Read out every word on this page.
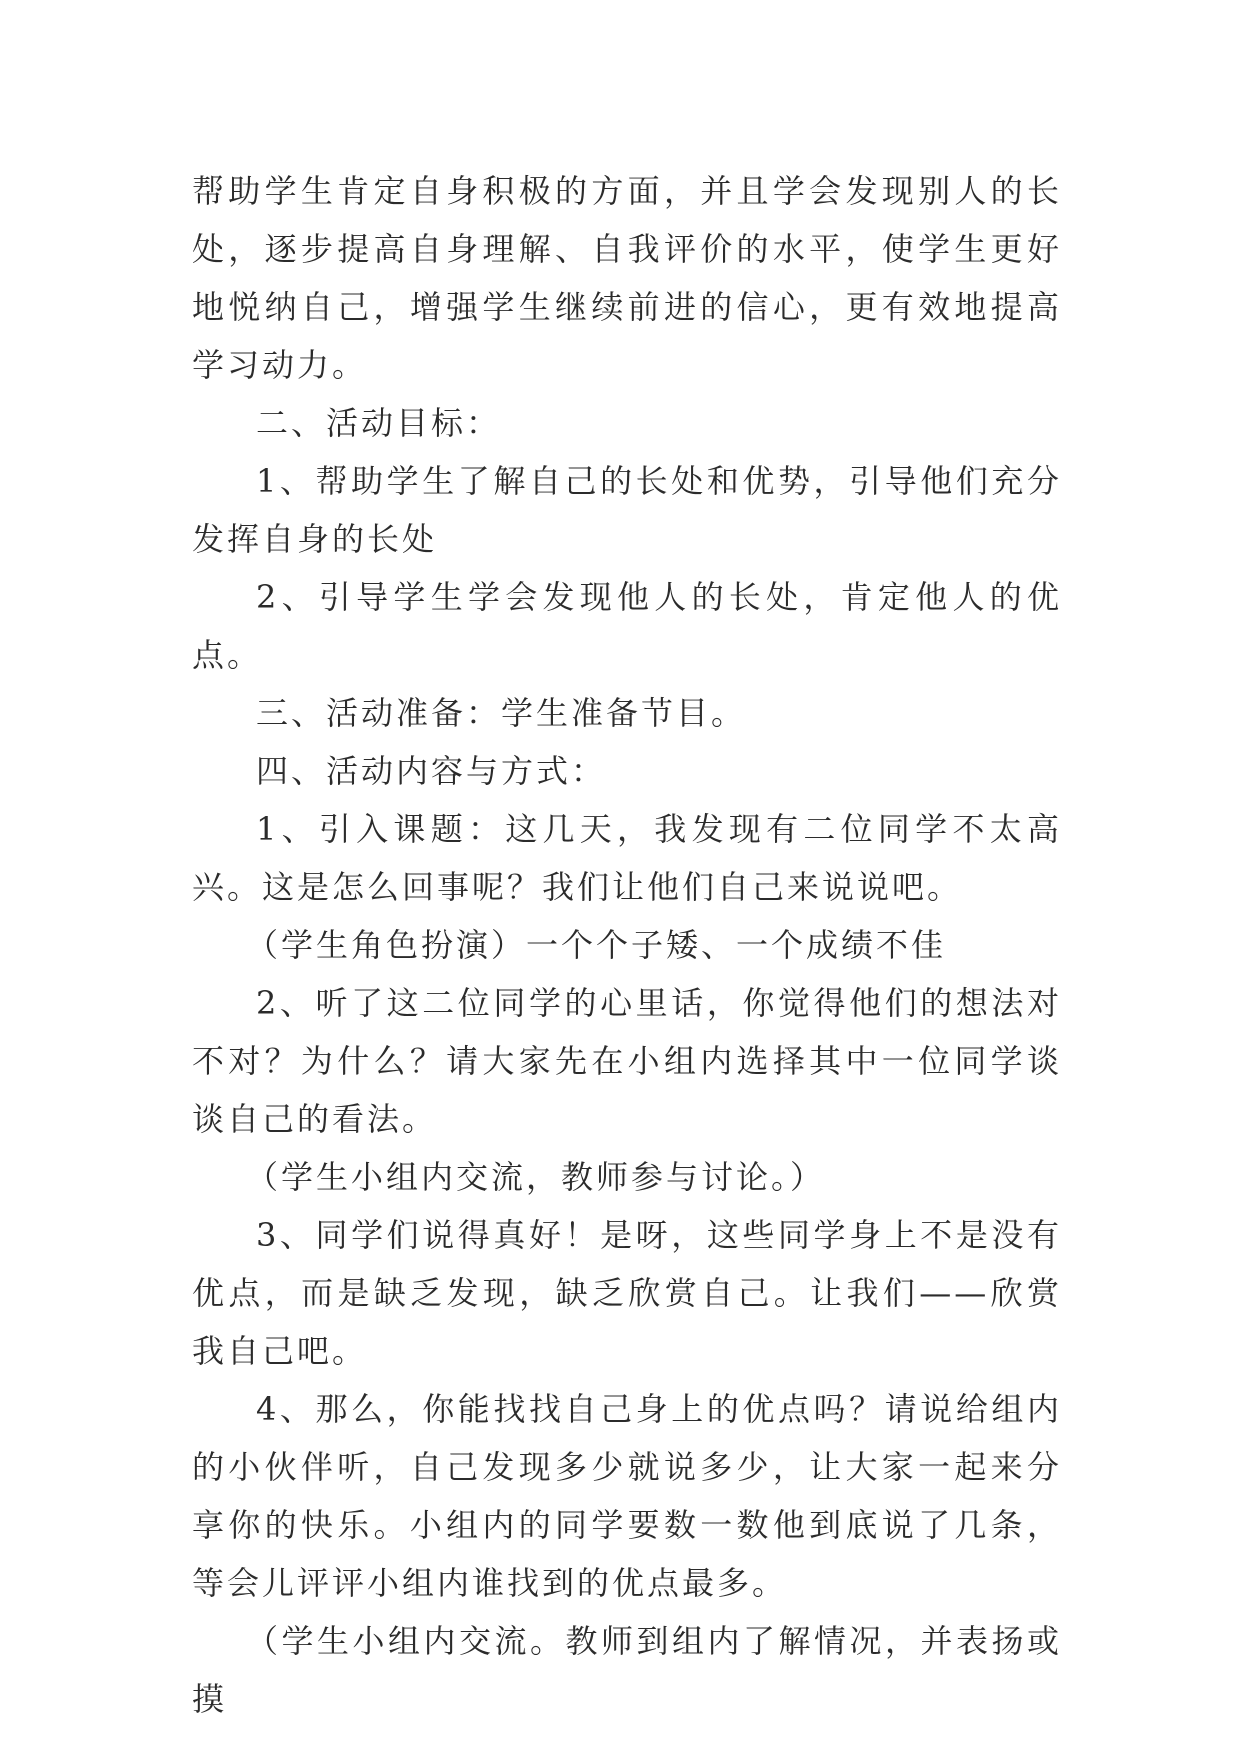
帮助学生肯定自身积极的方面，并且学会发现别人的长处，逐步提高自身理解、自我评价的水平，使学生更好地悦纳自己，增强学生继续前进的信心，更有效地提高学习动力。

二、活动目标：

1、帮助学生了解自己的长处和优势，引导他们充分发挥自身的长处

2、引导学生学会发现他人的长处，肯定他人的优点。

三、活动准备：学生准备节目。

四、活动内容与方式：

1、引入课题：这几天，我发现有二位同学不太高兴。这是怎么回事呢？我们让他们自己来说说吧。

（学生角色扮演）一个个子矮、一个成绩不佳

2、听了这二位同学的心里话，你觉得他们的想法对不对？为什么？请大家先在小组内选择其中一位同学谈谈自己的看法。

（学生小组内交流，教师参与讨论。）

3、同学们说得真好！是呀，这些同学身上不是没有优点，而是缺乏发现，缺乏欣赏自己。让我们——欣赏我自己吧。

4、那么，你能找找自己身上的优点吗？请说给组内的小伙伴听，自己发现多少就说多少，让大家一起来分享你的快乐。小组内的同学要数一数他到底说了几条，等会儿评评小组内谁找到的优点最多。

（学生小组内交流。教师到组内了解情况，并表扬或摸
